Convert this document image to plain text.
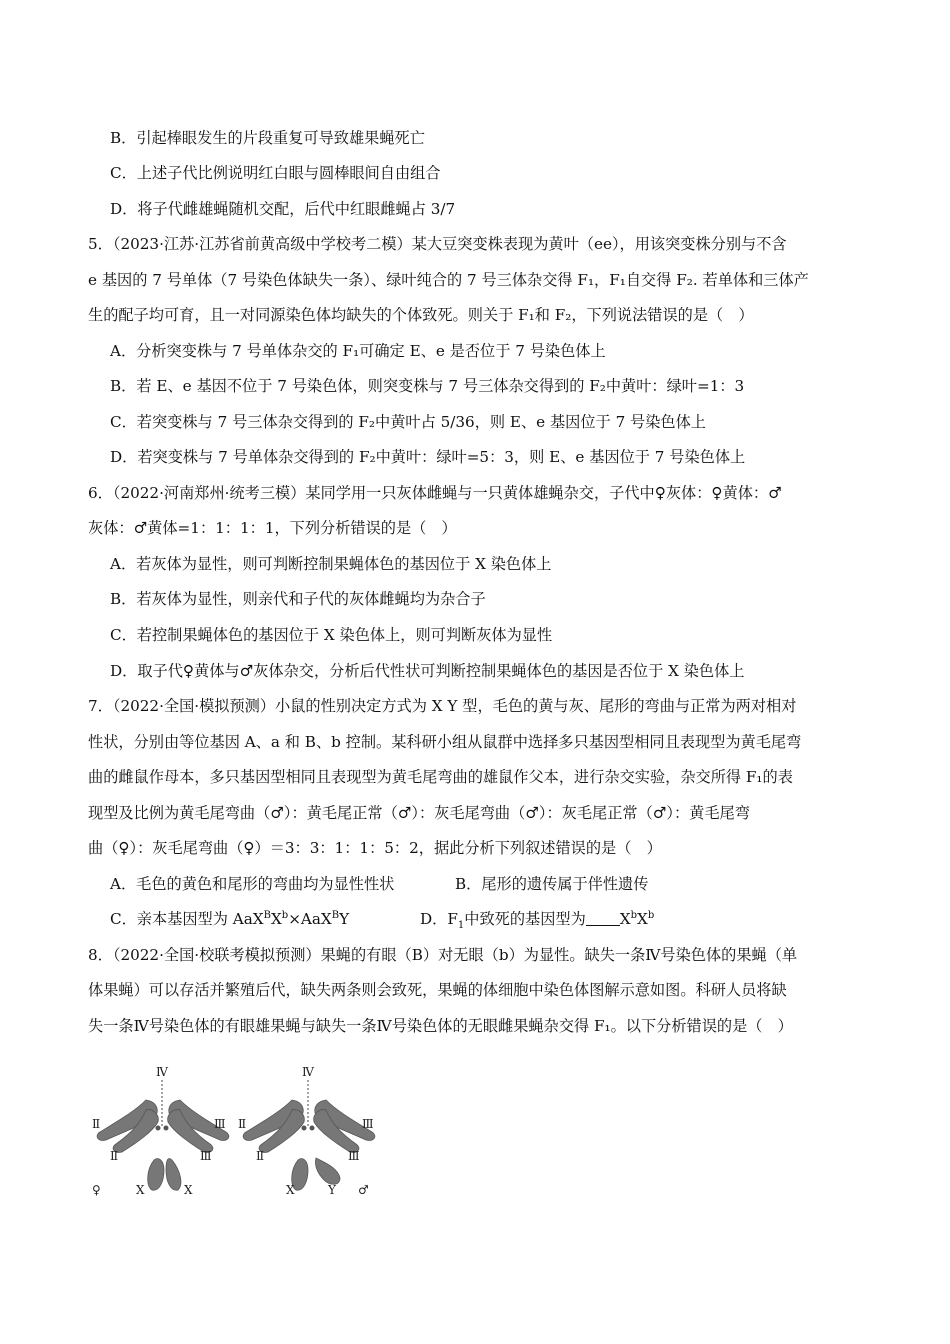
B．引起棒眼发生的片段重复可导致雄果蝇死亡
C．上述子代比例说明红白眼与圆棒眼间自由组合
D．将子代雌雄蝇随机交配，后代中红眼雌蝇占 3/7
5．（2023·江苏·江苏省前黄高级中学校考二模）某大豆突变株表现为黄叶（ee），用该突变株分别与不含
e 基因的 7 号单体（7 号染色体缺失一条）、绿叶纯合的 7 号三体杂交得 F₁，F₁自交得 F₂. 若单体和三体产
生的配子均可育，且一对同源染色体均缺失的个体致死。则关于 F₁和 F₂，下列说法错误的是（　）
A．分析突变株与 7 号单体杂交的 F₁可确定 E、e 是否位于 7 号染色体上
B．若 E、e 基因不位于 7 号染色体，则突变株与 7 号三体杂交得到的 F₂中黄叶：绿叶=1：3
C．若突变株与 7 号三体杂交得到的 F₂中黄叶占 5/36，则 E、e 基因位于 7 号染色体上
D．若突变株与 7 号单体杂交得到的 F₂中黄叶：绿叶=5：3，则 E、e 基因位于 7 号染色体上
6．（2022·河南郑州·统考三模）某同学用一只灰体雌蝇与一只黄体雄蝇杂交，子代中♀灰体：♀黄体：♂
灰体：♂黄体=1：1：1：1，下列分析错误的是（　）
A．若灰体为显性，则可判断控制果蝇体色的基因位于 X 染色体上
B．若灰体为显性，则亲代和子代的灰体雌蝇均为杂合子
C．若控制果蝇体色的基因位于 X 染色体上，则可判断灰体为显性
D．取子代♀黄体与♂灰体杂交，分析后代性状可判断控制果蝇体色的基因是否位于 X 染色体上
7．（2022·全国·模拟预测）小鼠的性别决定方式为 X Y 型，毛色的黄与灰、尾形的弯曲与正常为两对相对
性状，分别由等位基因 A、a 和 B、b 控制。某科研小组从鼠群中选择多只基因型相同且表现型为黄毛尾弯
曲的雌鼠作母本，多只基因型相同且表现型为黄毛尾弯曲的雄鼠作父本，进行杂交实验，杂交所得 F₁的表
现型及比例为黄毛尾弯曲（♂）：黄毛尾正常（♂）：灰毛尾弯曲（♂）：灰毛尾正常（♂）：黄毛尾弯
曲（♀）：灰毛尾弯曲（♀）＝3：3：1：1：5：2，据此分析下列叙述错误的是（　）
A．毛色的黄色和尾形的弯曲均为显性性状	B．尾形的遗传属于伴性遗传
C．亲本基因型为 $AaX^BX^b\times AaX^BY$	D．$F_1$中致死的基因型为 $X^bX^b$
8．（2022·全国·校联考模拟预测）果蝇的有眼（B）对无眼（b）为显性。缺失一条Ⅳ号染色体的果蝇（单
体果蝇）可以存活并繁殖后代，缺失两条则会致死，果蝇的体细胞中染色体图解示意如图。科研人员将缺
失一条Ⅳ号染色体的有眼雄果蝇与缺失一条Ⅳ号染色体的无眼雌果蝇杂交得 F₁。以下分析错误的是（　）
Ⅳ
Ⅱ
Ⅱ
Ⅲ
Ⅲ
X	X
♀
Ⅳ
Ⅱ
Ⅱ
Ⅲ
Ⅲ
X	Y ♂
